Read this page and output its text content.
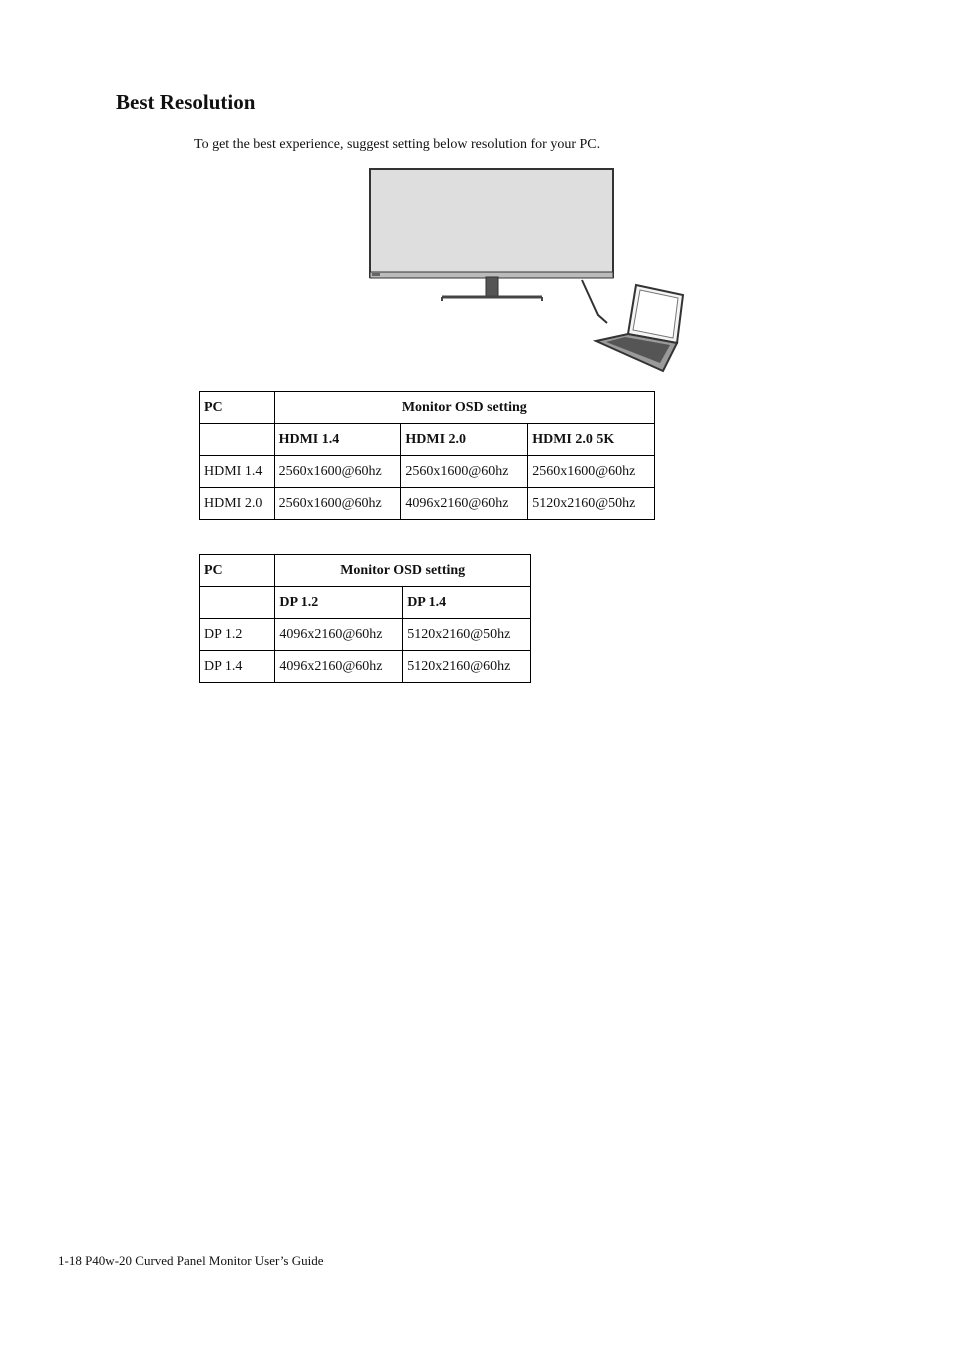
Best Resolution

To get the best experience, suggest setting below resolution for your PC.

PC	Monitor OSD setting		
	HDMI 1.4	HDMI 2.0	HDMI 2.0 5K
HDMI 1.4	2560x1600@60hz	2560x1600@60hz	2560x1600@60hz
HDMI 2.0	2560x1600@60hz	4096x2160@60hz	5120x2160@50hz
PC	Monitor OSD setting	
	DP 1.2	DP 1.4
DP 1.2	4096x2160@60hz	5120x2160@50hz
DP 1.4	4096x2160@60hz	5120x2160@60hz

1-18 P40w-20 Curved Panel Monitor User’s Guide
